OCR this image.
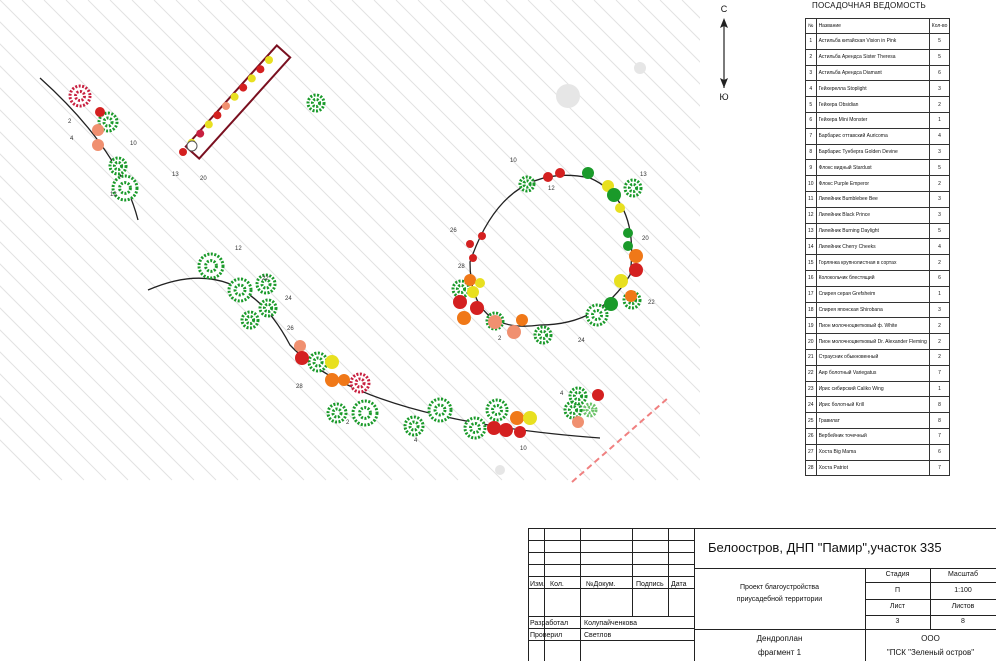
2
4
10
12
13
20
22
24
26
28
2
4
10
12
13
20
22
24
26
28
2
4
10
12
С
Ю
ПОСАДОЧНАЯ ВЕДОМОСТЬ
№	Название	Кол-во
1	Астильба китайская Vision in Pink	5
2	Астильба Арендса Sister Theresa	5
3	Астильба Арендса Diamant	6
4	Гейхерелла Stoplight	3
5	Гейхера Obsidian	2
6	Гейхера Mini Monster	1
7	Барбарис оттавский Auricoma	4
8	Барбарис Тунберга Golden Devine	3
9	Флокс видный Stardust	5
10	Флокс Purple Emperor	2
11	Лилейник Bumblebee Bee	3
12	Лилейник Black Prince	3
13	Лилейник Burning Daylight	5
14	Лилейник Cherry Cheeks	4
15	Горлянка крупнолистная в сортах	2
16	Колокольчик блестящий	6
17	Спирея серая Grefsheim	1
18	Спирея японская Shirobana	3
19	Пион молочноцветковый ф. White	2
20	Пион молочноцветковый Dr. Alexander Fleming	2
21	Страусник обыкновенный	2
22	Аир болотный Variegatus	7
23	Ирис сибирский Caliko Wing	1
24	Ирис болотный Krill	8
25	Гравилат	8
26	Вербейник точечный	7
27	Хоста Big Mama	6
28	Хоста Patriot	7
Белоостров, ДНП "Памир",участок 335
Изм. Кол.	№Докум.	Подпись Дата
Разработал Колупайченкова
Проверил	Светлов
Проект благоустройства
приусадебной территории
Стадия	Масштаб
П	1:100
Лист	Листов
3	8
Дендроплан
фрагмент 1
ООО
"ПСК "Зеленый остров"
